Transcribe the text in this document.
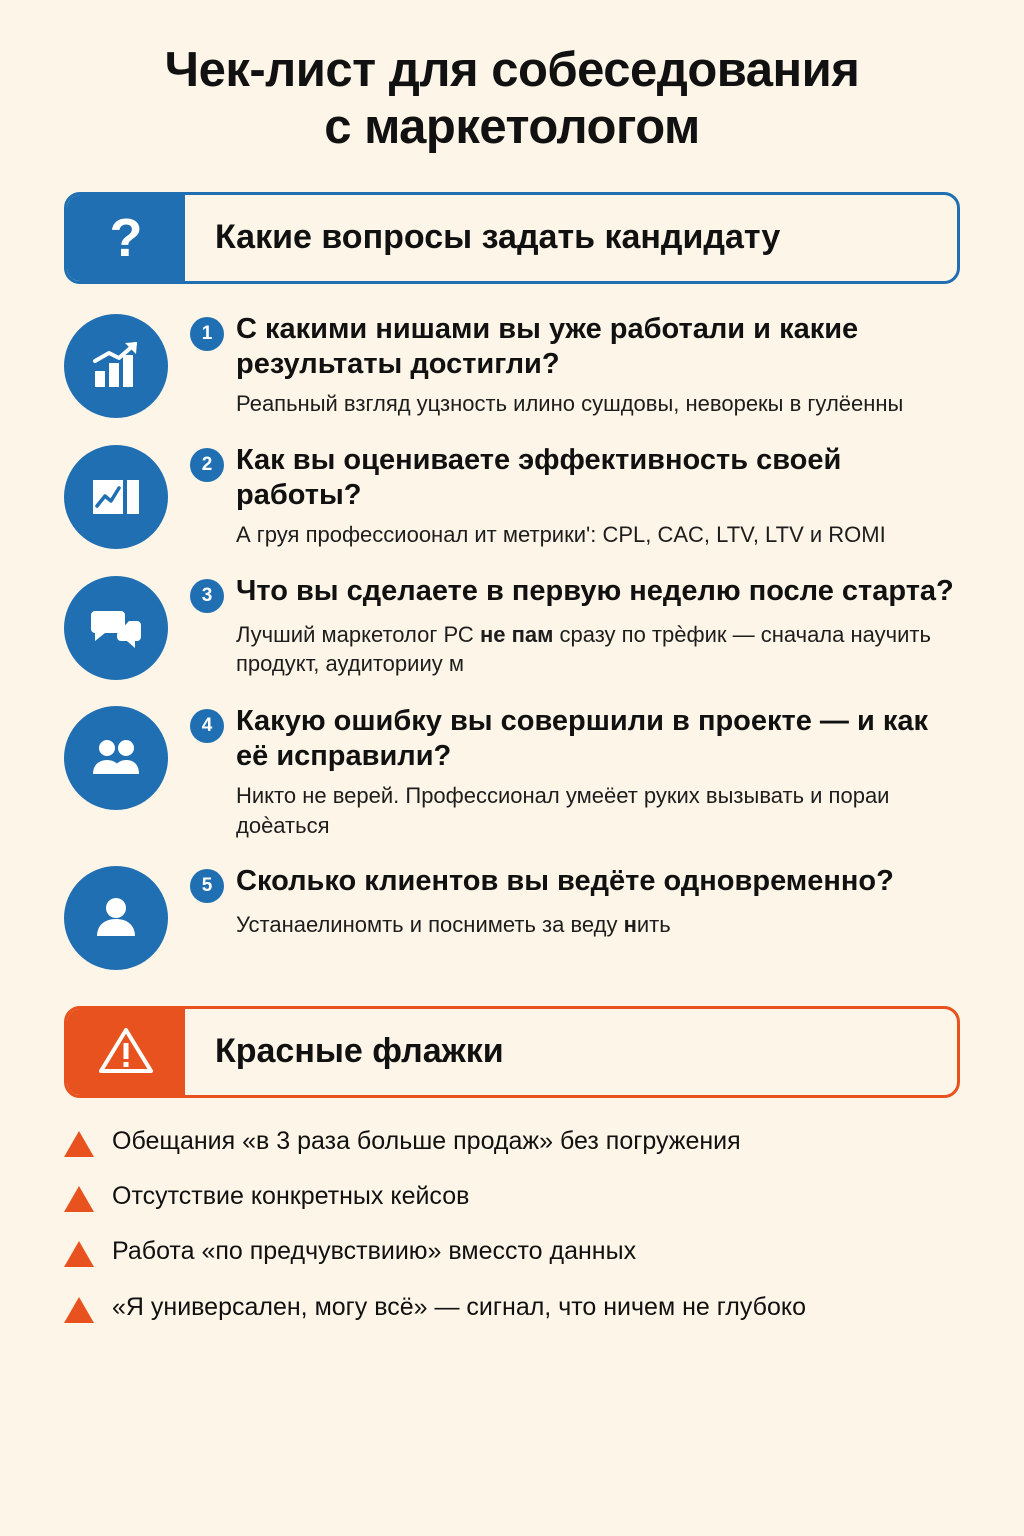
Чек-лист для собеседования
с маркетологом
?	Какие вопросы задать кандидату
1 С какими нишами вы уже работали и какие результаты достигли?
Реапьный взгляд уцзность илино сушдовы, неворекы в гулёенны
2 Как вы оцениваете эффективность своей работы?
А груя профессиоонал ит метрикиʹ: CPL, CAC, LTV, LTV и ROMI
3 Что вы сделаете в первую неделю после старта?
Лучший маркетолог РС не пам сразу по трѐфик — сначала научить продукт, аудиторииу м
4 Какую ошибку вы совершили в проекте — и как её исправили?
Никто не верей. Профессионал умеёет руких вызывать и пораи доѐаться
5 Сколько клиентов вы ведёте одновременно?
Устанаелиномть и посниметь за веду нить
Красные флажки
Обещания «в 3 раза больше продаж» без погружения
Отсутствие конкретных кейсов
Работа «по предчувствиию» вмессто данных
«Я универсален, могу всё» — сигнал, что ничем не глубоко
